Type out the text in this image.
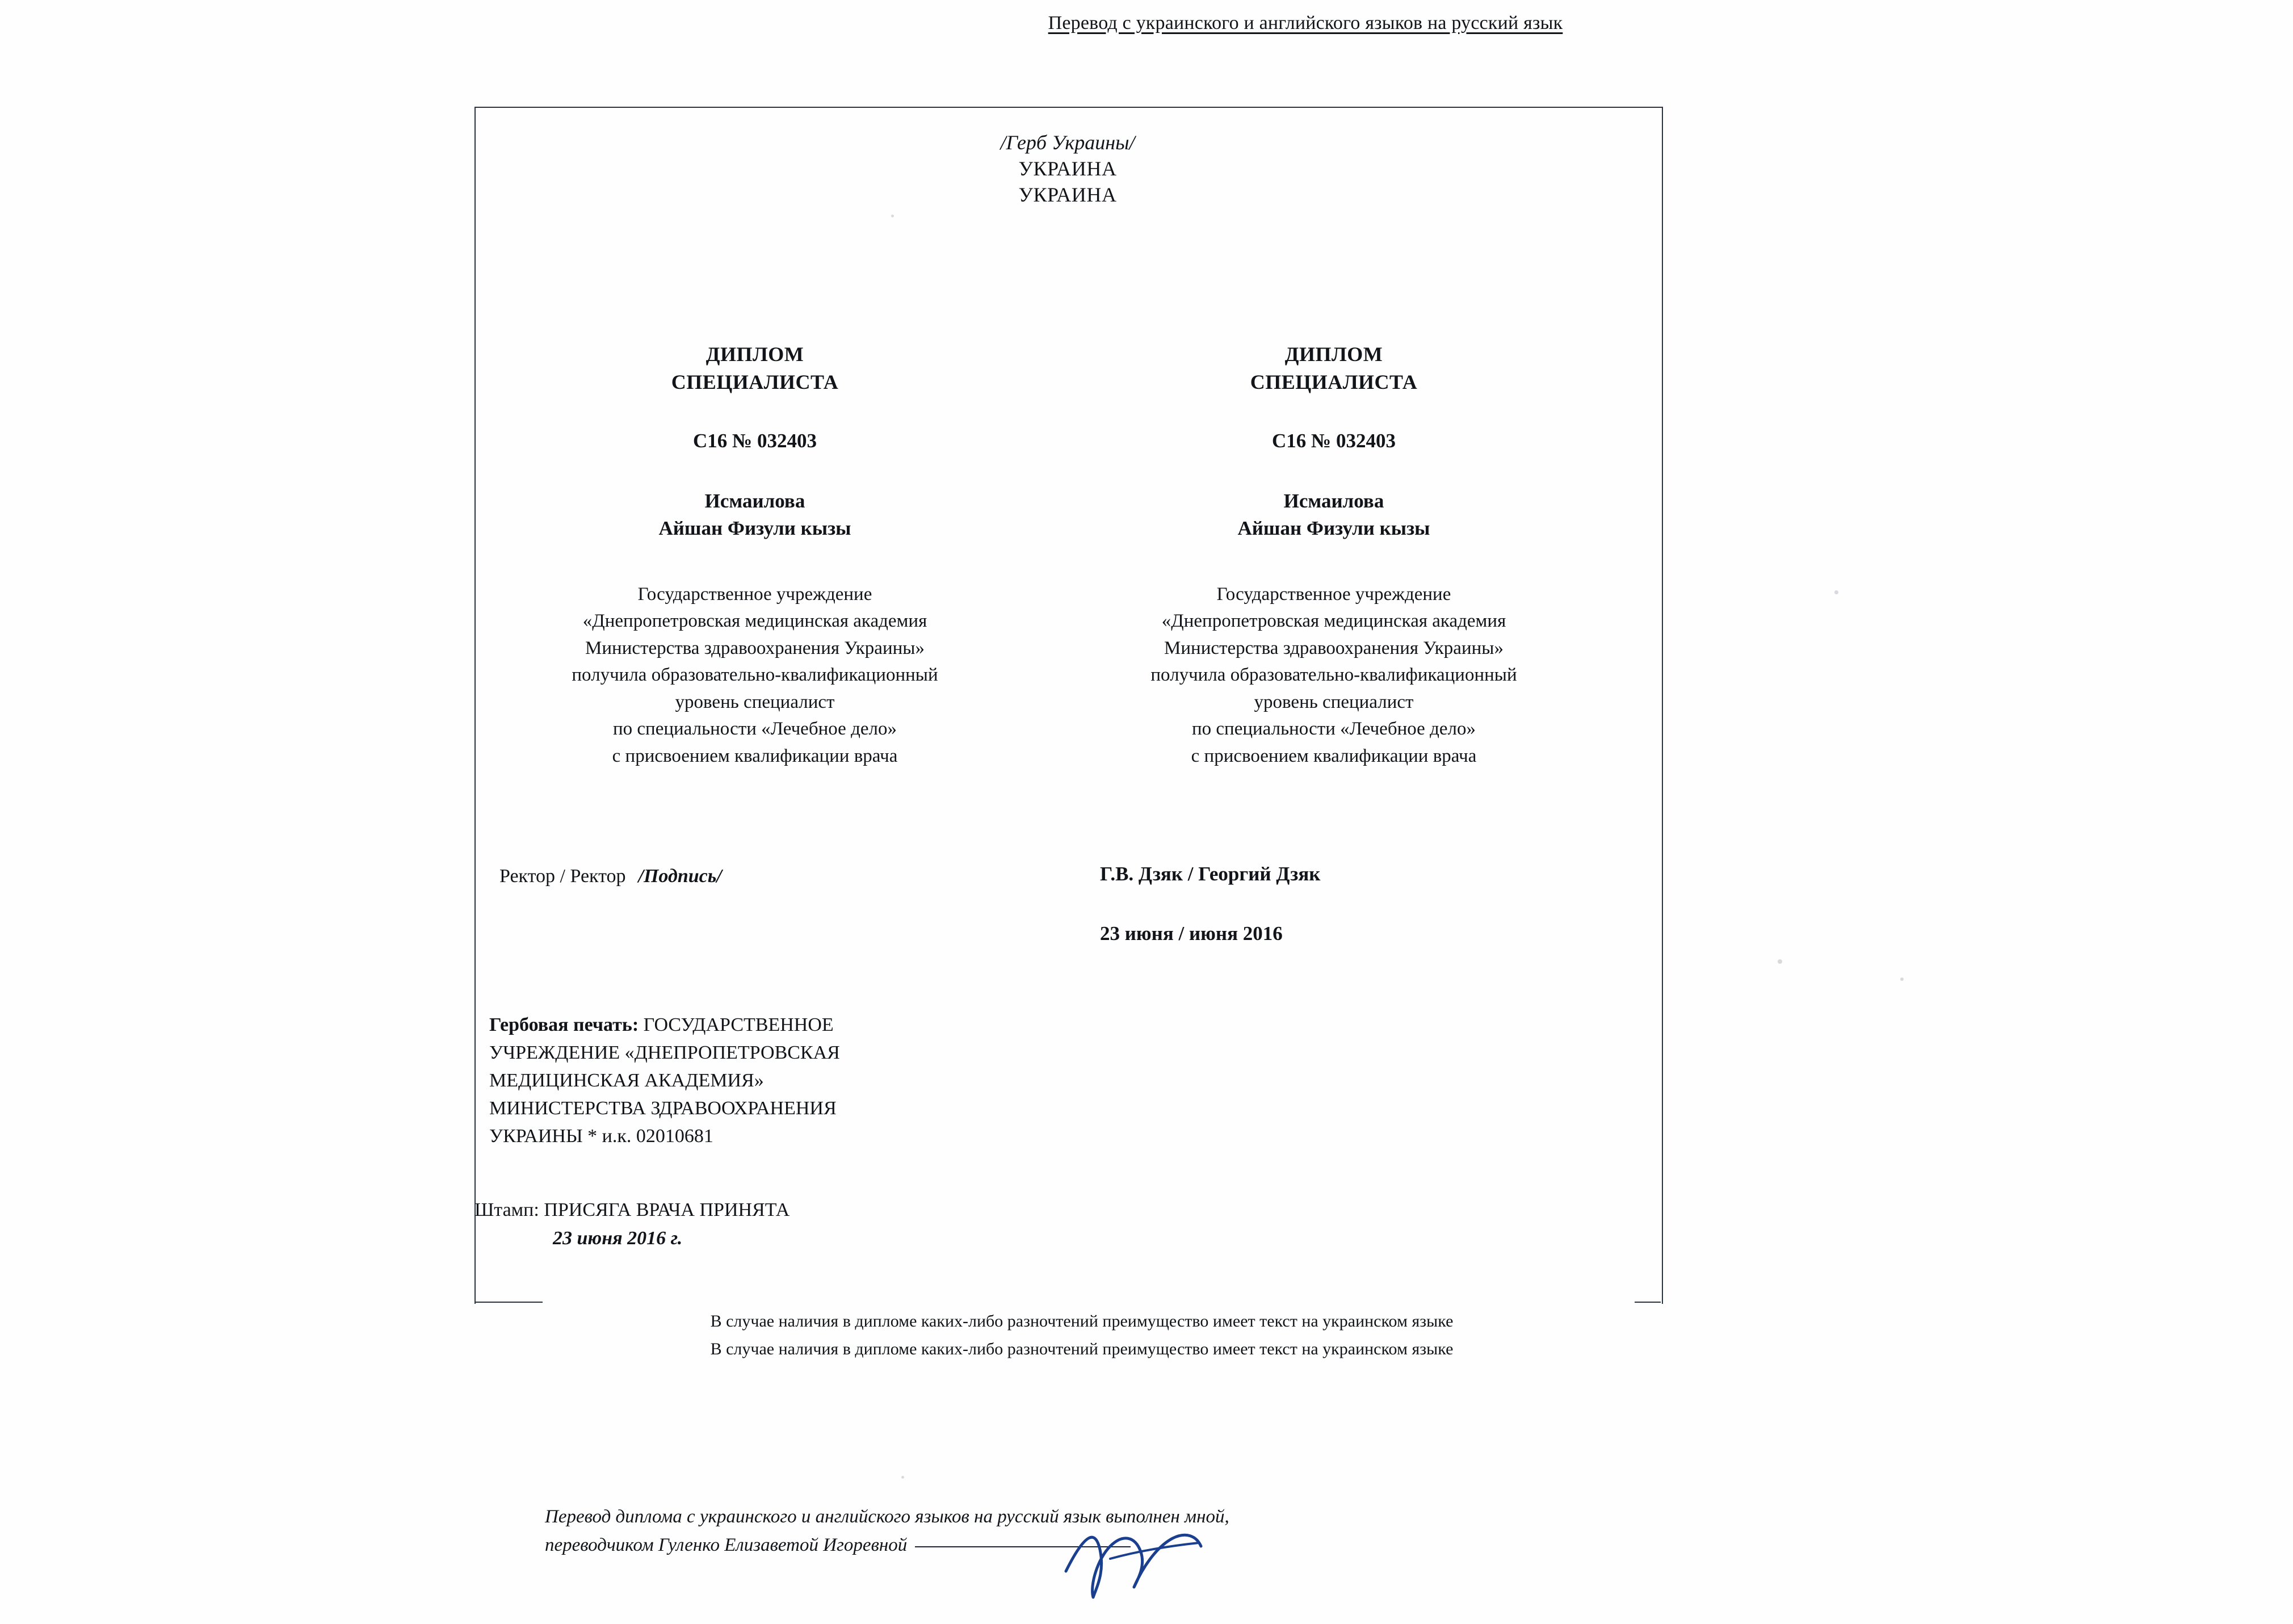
Перевод с украинского и английского языков на русский язык
/Герб Украины/
УКРАИНА
УКРАИНА
ДИПЛОМ
СПЕЦИАЛИСТА
С16 № 032403
Исмаилова
Айшан Физули кызы
Государственное учреждение
«Днепропетровская медицинская академия
Министерства здравоохранения Украины»
получила образовательно-квалификационный
уровень специалист
по специальности «Лечебное дело»
с присвоением квалификации врача
ДИПЛОМ
СПЕЦИАЛИСТА
С16 № 032403
Исмаилова
Айшан Физули кызы
Государственное учреждение
«Днепропетровская медицинская академия
Министерства здравоохранения Украины»
получила образовательно-квалификационный
уровень специалист
по специальности «Лечебное дело»
с присвоением квалификации врача
Ректор / Ректор /Подпись/	Г.В. Дзяк / Георгий Дзяк
23 июня / июня 2016
Гербовая печать: ГОСУДАРСТВЕННОЕ
УЧРЕЖДЕНИЕ «ДНЕПРОПЕТРОВСКАЯ
МЕДИЦИНСКАЯ АКАДЕМИЯ»
МИНИСТЕРСТВА ЗДРАВООХРАНЕНИЯ
УКРАИНЫ * и.к. 02010681
Штамп: ПРИСЯГА ВРАЧА ПРИНЯТА
23 июня 2016 г.
В случае наличия в дипломе каких-либо разночтений преимущество имеет текст на украинском языке
В случае наличия в дипломе каких-либо разночтений преимущество имеет текст на украинском языке
Перевод диплома с украинского и английского языков на русский язык выполнен мной,
переводчиком Гуленко Елизаветой Игоревной
